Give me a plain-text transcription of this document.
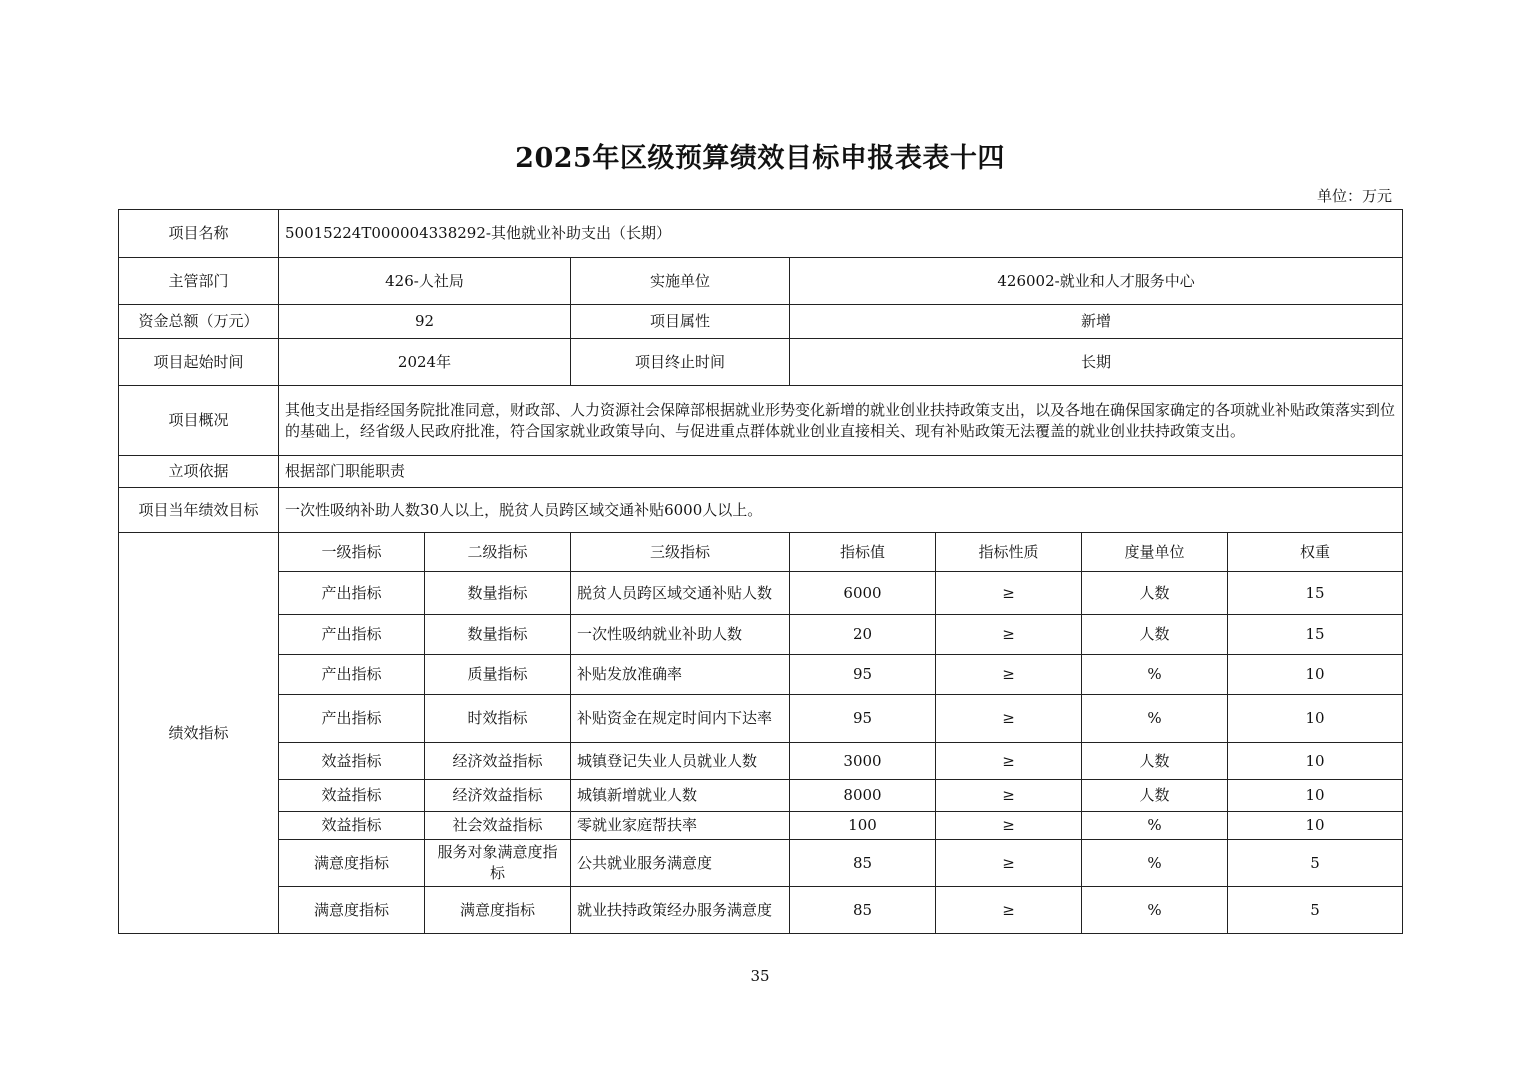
2025年区级预算绩效目标申报表表十四
单位：万元
项目名称	50015224T000004338292-其他就业补助支出（长期）						
主管部门	426-人社局		实施单位	426002-就业和人才服务中心			
资金总额（万元）	92		项目属性	新增			
项目起始时间	2024年		项目终止时间	长期			
项目概况	其他支出是指经国务院批准同意，财政部、人力资源社会保障部根据就业形势变化新增的就业创业扶持政策支出，以及各地在确保国家确定的各项就业补贴政策落实到位的基础上，经省级人民政府批准，符合国家就业政策导向、与促进重点群体就业创业直接相关、现有补贴政策无法覆盖的就业创业扶持政策支出。						
立项依据	根据部门职能职责						
项目当年绩效目标	一次性吸纳补助人数30人以上，脱贫人员跨区域交通补贴6000人以上。						
绩效指标	一级指标	二级指标	三级指标	指标值	指标性质	度量单位	权重
	产出指标	数量指标	脱贫人员跨区域交通补贴人数	6000	≥	人数	15
	产出指标	数量指标	一次性吸纳就业补助人数	20	≥	人数	15
	产出指标	质量指标	补贴发放准确率	95	≥	%	10
	产出指标	时效指标	补贴资金在规定时间内下达率	95	≥	%	10
	效益指标	经济效益指标	城镇登记失业人员就业人数	3000	≥	人数	10
	效益指标	经济效益指标	城镇新增就业人数	8000	≥	人数	10
	效益指标	社会效益指标	零就业家庭帮扶率	100	≥	%	10
	满意度指标	服务对象满意度指标	公共就业服务满意度	85	≥	%	5
	满意度指标	满意度指标	就业扶持政策经办服务满意度	85	≥	%	5
35
